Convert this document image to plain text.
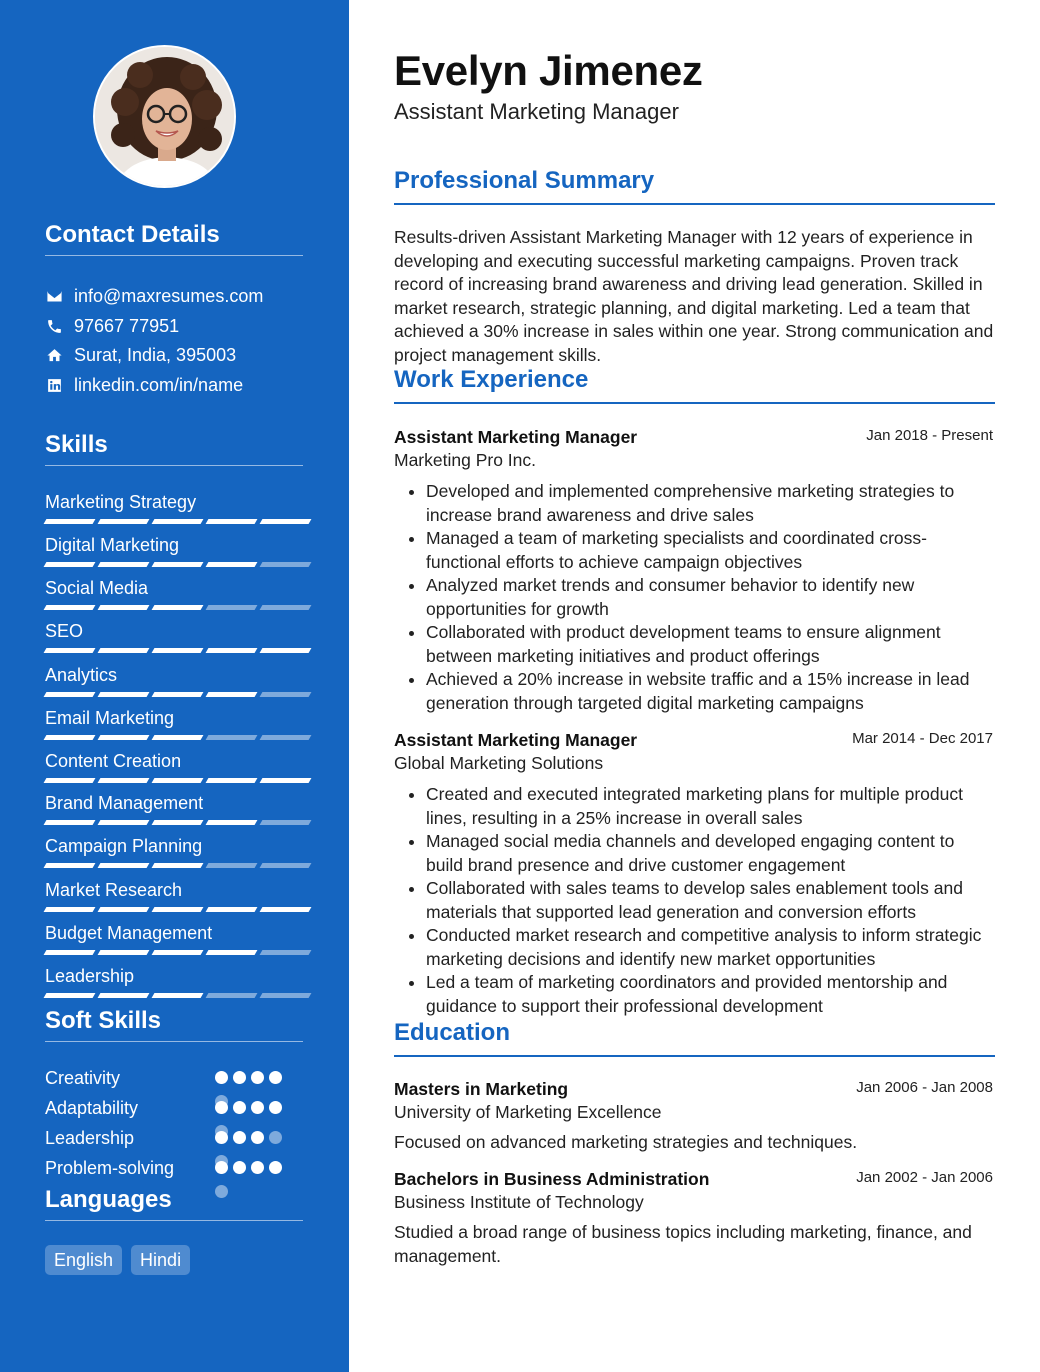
Contact Details
info@maxresumes.com
97667 77951
Surat, India, 395003
linkedin.com/in/name
Skills
Marketing Strategy
Digital Marketing
Social Media
SEO
Analytics
Email Marketing
Content Creation
Brand Management
Campaign Planning
Market Research
Budget Management
Leadership
Soft Skills
Creativity
Adaptability
Leadership
Problem-solving
Languages
English	Hindi
Evelyn Jimenez
Assistant Marketing Manager
Professional Summary
Results-driven Assistant Marketing Manager with 12 years of experience in developing and executing successful marketing campaigns. Proven track record of increasing brand awareness and driving lead generation. Skilled in market research, strategic planning, and digital marketing. Led a team that achieved a 30% increase in sales within one year. Strong communication and project management skills.
Work Experience
Assistant Marketing Manager	Jan 2018 - Present
Marketing Pro Inc.
• Developed and implemented comprehensive marketing strategies to increase brand awareness and drive sales
• Managed a team of marketing specialists and coordinated cross-functional efforts to achieve campaign objectives
• Analyzed market trends and consumer behavior to identify new opportunities for growth
• Collaborated with product development teams to ensure alignment between marketing initiatives and product offerings
• Achieved a 20% increase in website traffic and a 15% increase in lead generation through targeted digital marketing campaigns
Assistant Marketing Manager	Mar 2014 - Dec 2017
Global Marketing Solutions
• Created and executed integrated marketing plans for multiple product lines, resulting in a 25% increase in overall sales
• Managed social media channels and developed engaging content to build brand presence and drive customer engagement
• Collaborated with sales teams to develop sales enablement tools and materials that supported lead generation and conversion efforts
• Conducted market research and competitive analysis to inform strategic marketing decisions and identify new market opportunities
• Led a team of marketing coordinators and provided mentorship and guidance to support their professional development
Education
Masters in Marketing	Jan 2006 - Jan 2008
University of Marketing Excellence
Focused on advanced marketing strategies and techniques.
Bachelors in Business Administration	Jan 2002 - Jan 2006
Business Institute of Technology
Studied a broad range of business topics including marketing, finance, and management.
